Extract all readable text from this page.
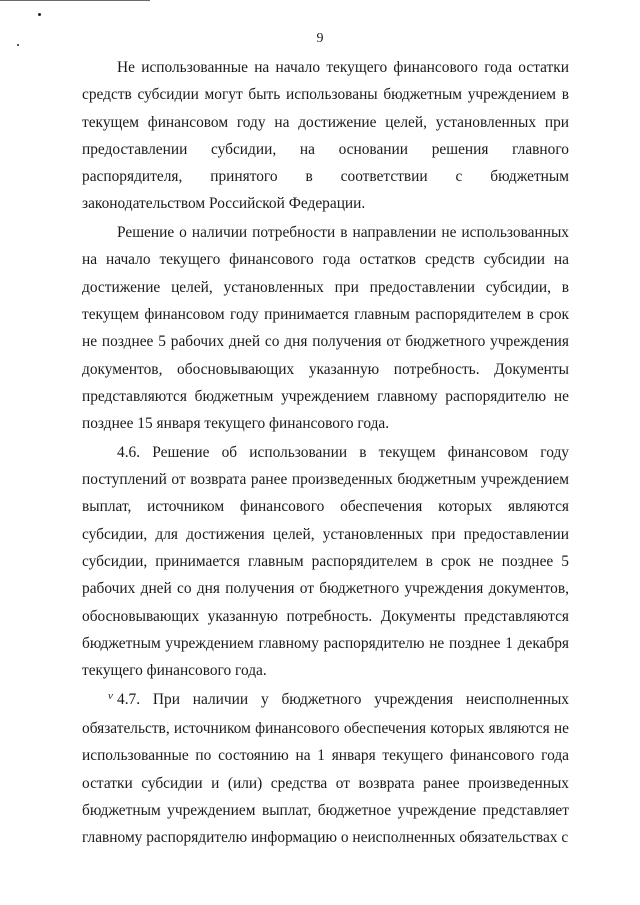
9

Не использованные на начало текущего финансового года остатки средств субсидии могут быть использованы бюджетным учреждением в текущем финансовом году на достижение целей, установленных при предоставлении субсидии, на основании решения главного распорядителя, принятого в соответствии с бюджетным законодательством Российской Федерации.

Решение о наличии потребности в направлении не использованных на начало текущего финансового года остатков средств субсидии на достижение целей, установленных при предоставлении субсидии, в текущем финансовом году принимается главным распорядителем в срок не позднее 5 рабочих дней со дня получения от бюджетного учреждения документов, обосновывающих указанную потребность. Документы представляются бюджетным учреждением главному распорядителю не позднее 15 января текущего финансового года.

4.6. Решение об использовании в текущем финансовом году поступлений от возврата ранее произведенных бюджетным учреждением выплат, источником финансового обеспечения которых являются субсидии, для достижения целей, установленных при предоставлении субсидии, принимается главным распорядителем в срок не позднее 5 рабочих дней со дня получения от бюджетного учреждения документов, обосновывающих указанную потребность. Документы представляются бюджетным учреждением главному распорядителю не позднее 1 декабря текущего финансового года.

ν 4.7. При наличии у бюджетного учреждения неисполненных обязательств, источником финансового обеспечения которых являются не использованные по состоянию на 1 января текущего финансового года остатки субсидии и (или) средства от возврата ранее произведенных бюджетным учреждением выплат, бюджетное учреждение представляет главному распорядителю информацию о неисполненных обязательствах с
